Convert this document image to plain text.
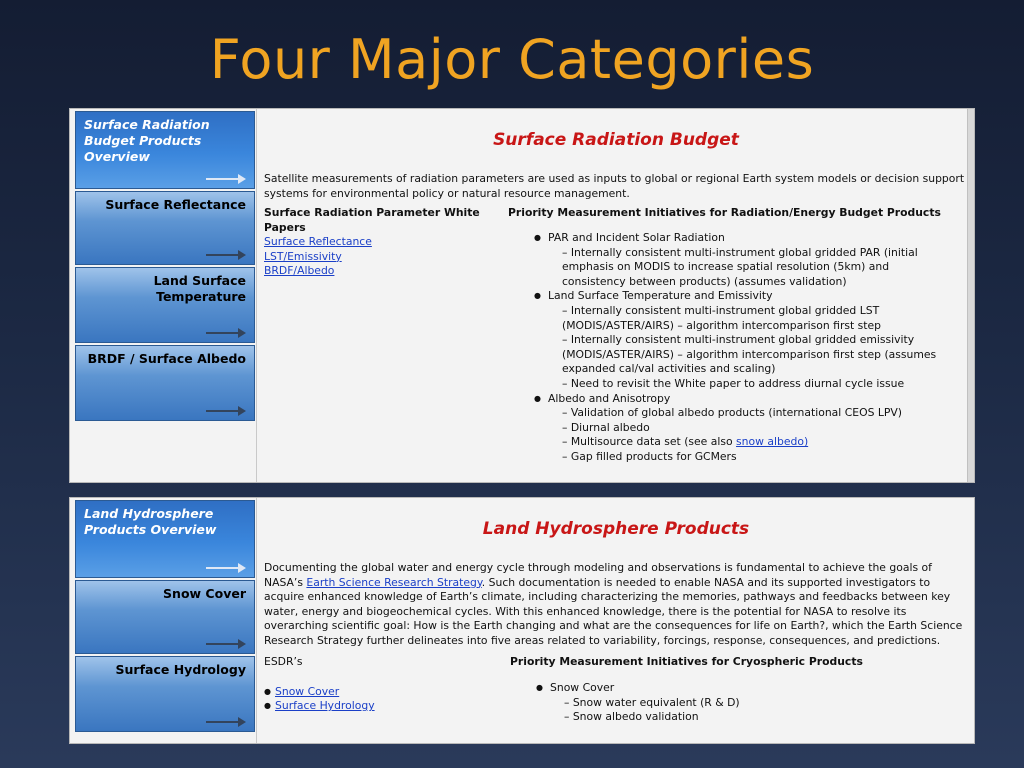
Four Major Categories
Surface Radiation Budget Products Overview
Surface Reflectance
Land Surface Temperature
BRDF / Surface Albedo
Surface Radiation Budget
Satellite measurements of radiation parameters are used as inputs to global or regional Earth system models or decision support systems for environmental policy or natural resource management.
Surface Radiation Parameter White Papers
Surface Reflectance
LST/Emissivity
BRDF/Albedo
Priority Measurement Initiatives for Radiation/Energy Budget Products
● PAR and Incident Solar Radiation
– Internally consistent multi-instrument global gridded PAR (initial emphasis on MODIS to increase spatial resolution (5km) and consistency between products) (assumes validation)
● Land Surface Temperature and Emissivity
– Internally consistent multi-instrument global gridded LST (MODIS/ASTER/AIRS) – algorithm intercomparison first step
– Internally consistent multi-instrument global gridded emissivity (MODIS/ASTER/AIRS) – algorithm intercomparison first step (assumes expanded cal/val activities and scaling)
– Need to revisit the White paper to address diurnal cycle issue
● Albedo and Anisotropy
– Validation of global albedo products (international CEOS LPV)
– Diurnal albedo
– Multisource data set (see also snow albedo)
– Gap filled products for GCMers
Land Hydrosphere Products Overview
Snow Cover
Surface Hydrology
Land Hydrosphere Products
Documenting the global water and energy cycle through modeling and observations is fundamental to achieve the goals of NASA’s Earth Science Research Strategy. Such documentation is needed to enable NASA and its supported investigators to acquire enhanced knowledge of Earth’s climate, including characterizing the memories, pathways and feedbacks between key water, energy and biogeochemical cycles. With this enhanced knowledge, there is the potential for NASA to resolve its overarching scientific goal: How is the Earth changing and what are the consequences for life on Earth?, which the Earth Science Research Strategy further delineates into five areas related to variability, forcings, response, consequences, and predictions.
ESDR’s
● Snow Cover
● Surface Hydrology
Priority Measurement Initiatives for Cryospheric Products
● Snow Cover
– Snow water equivalent (R & D)
– Snow albedo validation
